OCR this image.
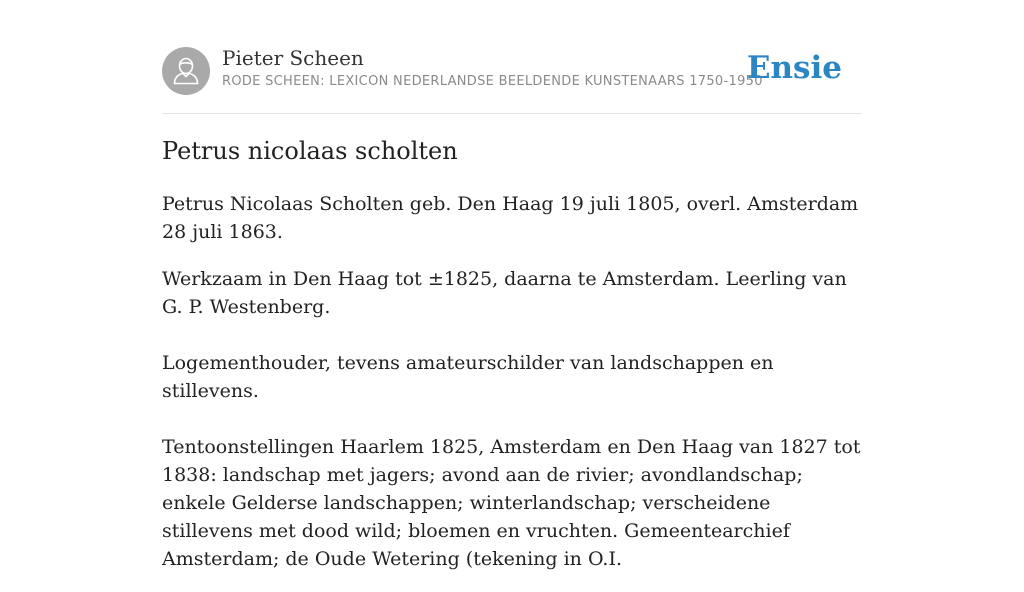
Pieter Scheen
RODE SCHEEN: LEXICON NEDERLANDSE BEELDENDE KUNSTENAARS 1750-1950
Ensie
Petrus nicolaas scholten

Petrus Nicolaas Scholten geb. Den Haag 19 juli 1805, overl. Amsterdam 28 juli 1863.

Werkzaam in Den Haag tot ±1825, daarna te Amsterdam. Leerling van G. P. Westenberg.

Logementhouder, tevens amateurschilder van landschappen en stillevens.

Tentoonstellingen Haarlem 1825, Amsterdam en Den Haag van 1827 tot 1838: landschap met jagers; avond aan de rivier; avondlandschap; enkele Gelderse landschappen; winterlandschap; verscheidene stillevens met dood wild; bloemen en vruchten. Gemeentearchief Amsterdam; de Oude Wetering (tekening in O.I.
